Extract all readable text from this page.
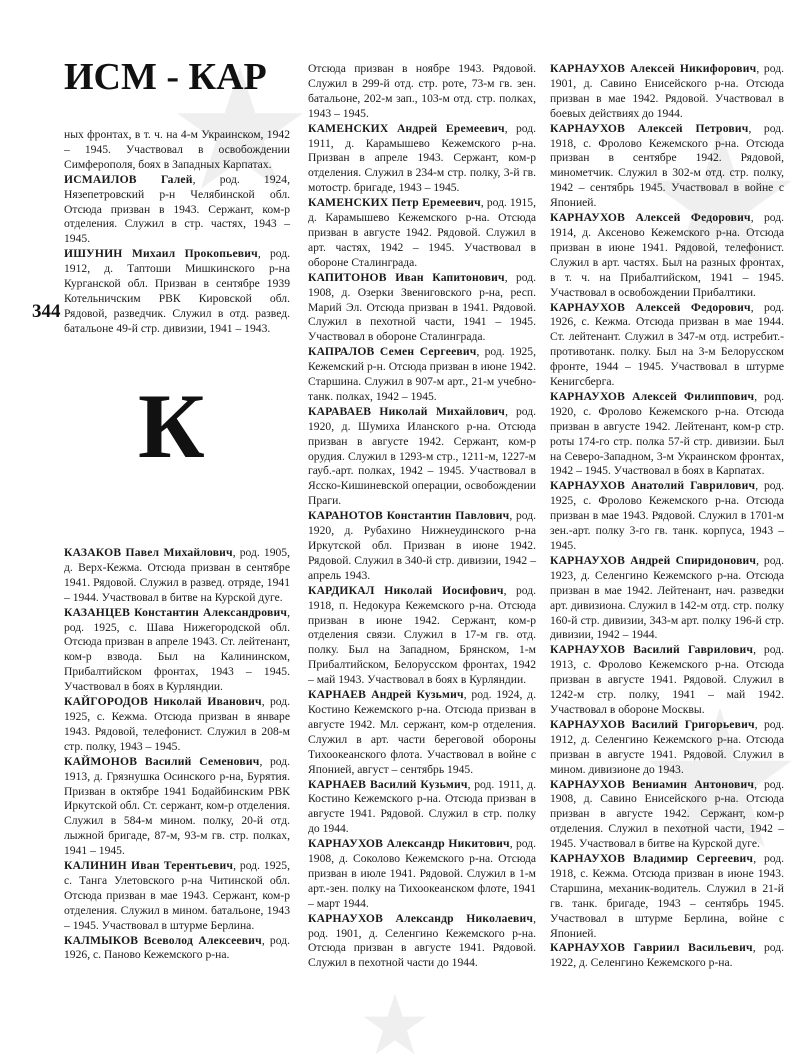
ИСМ - КАР
344
К

ных фронтах, в т. ч. на 4-м Украинском, 1942 – 1945. Участвовал в освобождении Симферополя, боях в Западных Карпатах.

ИСМАИЛОВ Галей, род. 1924, Нязепетровский р-н Челябинской обл. Отсюда призван в 1943. Сержант, ком-р отделения. Служил в стр. частях, 1943 – 1945.

ИШУНИН Михаил Прокопьевич, род. 1912, д. Таптоши Мишкинского р-на Курганской обл. Призван в сентябре 1939 Котельничским РВК Кировской обл. Рядовой, разведчик. Служил в отд. развед. батальоне 49-й стр. дивизии, 1941 – 1943.

КАЗАКОВ Павел Михайлович, род. 1905, д. Верх-Кежма. Отсюда призван в сентябре 1941. Рядовой. Служил в развед. отряде, 1941 – 1944. Участвовал в битве на Курской дуге.

КАЗАНЦЕВ Константин Александрович, род. 1925, с. Шава Нижегородской обл. Отсюда призван в апреле 1943. Ст. лейтенант, ком-р взвода. Был на Калининском, Прибалтийском фронтах, 1943 – 1945. Участвовал в боях в Курляндии.

КАЙГОРОДОВ Николай Иванович, род. 1925, с. Кежма. Отсюда призван в январе 1943. Рядовой, телефонист. Служил в 208-м стр. полку, 1943 – 1945.

КАЙМОНОВ Василий Семенович, род. 1913, д. Грязнушка Осинского р-на, Бурятия. Призван в октябре 1941 Бодайбинским РВК Иркутской обл. Ст. сержант, ком-р отделения. Служил в 584-м мином. полку, 20-й отд. лыжной бригаде, 87-м, 93-м гв. стр. полках, 1941 – 1945.

КАЛИНИН Иван Терентьевич, род. 1925, с. Танга Улетовского р-на Читинской обл. Отсюда призван в мае 1943. Сержант, ком-р отделения. Служил в мином. батальоне, 1943 – 1945. Участвовал в штурме Берлина.

КАЛМЫКОВ Всеволод Алексеевич, род. 1926, с. Паново Кежемского р-на.

Отсюда призван в ноябре 1943. Рядовой. Служил в 299-й отд. стр. роте, 73-м гв. зен. батальоне, 202-м зап., 103-м отд. стр. полках, 1943 – 1945.

КАМЕНСКИХ Андрей Еремеевич, род. 1911, д. Карамышево Кежемского р-на. Призван в апреле 1943. Сержант, ком-р отделения. Служил в 234-м стр. полку, 3-й гв. мотостр. бригаде, 1943 – 1945.

КАМЕНСКИХ Петр Еремеевич, род. 1915, д. Карамышево Кежемского р-на. Отсюда призван в августе 1942. Рядовой. Служил в арт. частях, 1942 – 1945. Участвовал в обороне Сталинграда.

КАПИТОНОВ Иван Капитонович, род. 1908, д. Озерки Звениговского р-на, респ. Марий Эл. Отсюда призван в 1941. Рядовой. Служил в пехотной части, 1941 – 1945. Участвовал в обороне Сталинграда.

КАПРАЛОВ Семен Сергеевич, род. 1925, Кежемский р-н. Отсюда призван в июне 1942. Старшина. Служил в 907-м арт., 21-м учебно-танк. полках, 1942 – 1945.

КАРАВАЕВ Николай Михайлович, род. 1920, д. Шумиха Иланского р-на. Отсюда призван в августе 1942. Сержант, ком-р орудия. Служил в 1293-м стр., 1211-м, 1227-м гауб.-арт. полках, 1942 – 1945. Участвовал в Ясско-Кишиневской операции, освобождении Праги.

КАРАНОТОВ Константин Павлович, род. 1920, д. Рубахино Нижнеудинского р-на Иркутской обл. Призван в июне 1942. Рядовой. Служил в 340-й стр. дивизии, 1942 – апрель 1943.

КАРДИКАЛ Николай Иосифович, род. 1918, п. Недокура Кежемского р-на. Отсюда призван в июне 1942. Сержант, ком-р отделения связи. Служил в 17-м гв. отд. полку. Был на Западном, Брянском, 1-м Прибалтийском, Белорусском фронтах, 1942 – май 1943. Участвовал в боях в Курляндии.

КАРНАЕВ Андрей Кузьмич, род. 1924, д. Костино Кежемского р-на. Отсюда призван в августе 1942. Мл. сержант, ком-р отделения. Служил в арт. части береговой обороны Тихоокеанского флота. Участвовал в войне с Японией, август – сентябрь 1945.

КАРНАЕВ Василий Кузьмич, род. 1911, д. Костино Кежемского р-на. Отсюда призван в августе 1941. Рядовой. Служил в стр. полку до 1944.

КАРНАУХОВ Александр Никитович, род. 1908, д. Соколово Кежемского р-на. Отсюда призван в июле 1941. Рядовой. Служил в 1-м арт.-зен. полку на Тихоокеанском флоте, 1941 – март 1944.

КАРНАУХОВ Александр Николаевич, род. 1901, д. Селенгино Кежемского р-на. Отсюда призван в августе 1941. Рядовой. Служил в пехотной части до 1944.

КАРНАУХОВ Алексей Никифорович, род. 1901, д. Савино Енисейского р-на. Отсюда призван в мае 1942. Рядовой. Участвовал в боевых действиях до 1944.

КАРНАУХОВ Алексей Петрович, род. 1918, с. Фролово Кежемского р-на. Отсюда призван в сентябре 1942. Рядовой, минометчик. Служил в 302-м отд. стр. полку, 1942 – сентябрь 1945. Участвовал в войне с Японией.

КАРНАУХОВ Алексей Федорович, род. 1914, д. Аксеново Кежемского р-на. Отсюда призван в июне 1941. Рядовой, телефонист. Служил в арт. частях. Был на разных фронтах, в т. ч. на Прибалтийском, 1941 – 1945. Участвовал в освобождении Прибалтики.

КАРНАУХОВ Алексей Федорович, род. 1926, с. Кежма. Отсюда призван в мае 1944. Ст. лейтенант. Служил в 347-м отд. истребит.-противотанк. полку. Был на 3-м Белорусском фронте, 1944 – 1945. Участвовал в штурме Кенигсберга.

КАРНАУХОВ Алексей Филиппович, род. 1920, с. Фролово Кежемского р-на. Отсюда призван в августе 1942. Лейтенант, ком-р стр. роты 174-го стр. полка 57-й стр. дивизии. Был на Северо-Западном, 3-м Украинском фронтах, 1942 – 1945. Участвовал в боях в Карпатах.

КАРНАУХОВ Анатолий Гаврилович, род. 1925, с. Фролово Кежемского р-на. Отсюда призван в мае 1943. Рядовой. Служил в 1701-м зен.-арт. полку 3-го гв. танк. корпуса, 1943 – 1945.

КАРНАУХОВ Андрей Спиридонович, род. 1923, д. Селенгино Кежемского р-на. Отсюда призван в мае 1942. Лейтенант, нач. разведки арт. дивизиона. Служил в 142-м отд. стр. полку 160-й стр. дивизии, 343-м арт. полку 196-й стр. дивизии, 1942 – 1944.

КАРНАУХОВ Василий Гаврилович, род. 1913, с. Фролово Кежемского р-на. Отсюда призван в августе 1941. Рядовой. Служил в 1242-м стр. полку, 1941 – май 1942. Участвовал в обороне Москвы.

КАРНАУХОВ Василий Григорьевич, род. 1912, д. Селенгино Кежемского р-на. Отсюда призван в августе 1941. Рядовой. Служил в мином. дивизионе до 1943.

КАРНАУХОВ Вениамин Антонович, род. 1908, д. Савино Енисейского р-на. Отсюда призван в августе 1942. Сержант, ком-р отделения. Служил в пехотной части, 1942 – 1945. Участвовал в битве на Курской дуге.

КАРНАУХОВ Владимир Сергеевич, род. 1918, с. Кежма. Отсюда призван в июне 1943. Старшина, механик-водитель. Служил в 21-й гв. танк. бригаде, 1943 – сентябрь 1945. Участвовал в штурме Берлина, войне с Японией.

КАРНАУХОВ Гавриил Васильевич, род. 1922, д. Селенгино Кежемского р-на.
